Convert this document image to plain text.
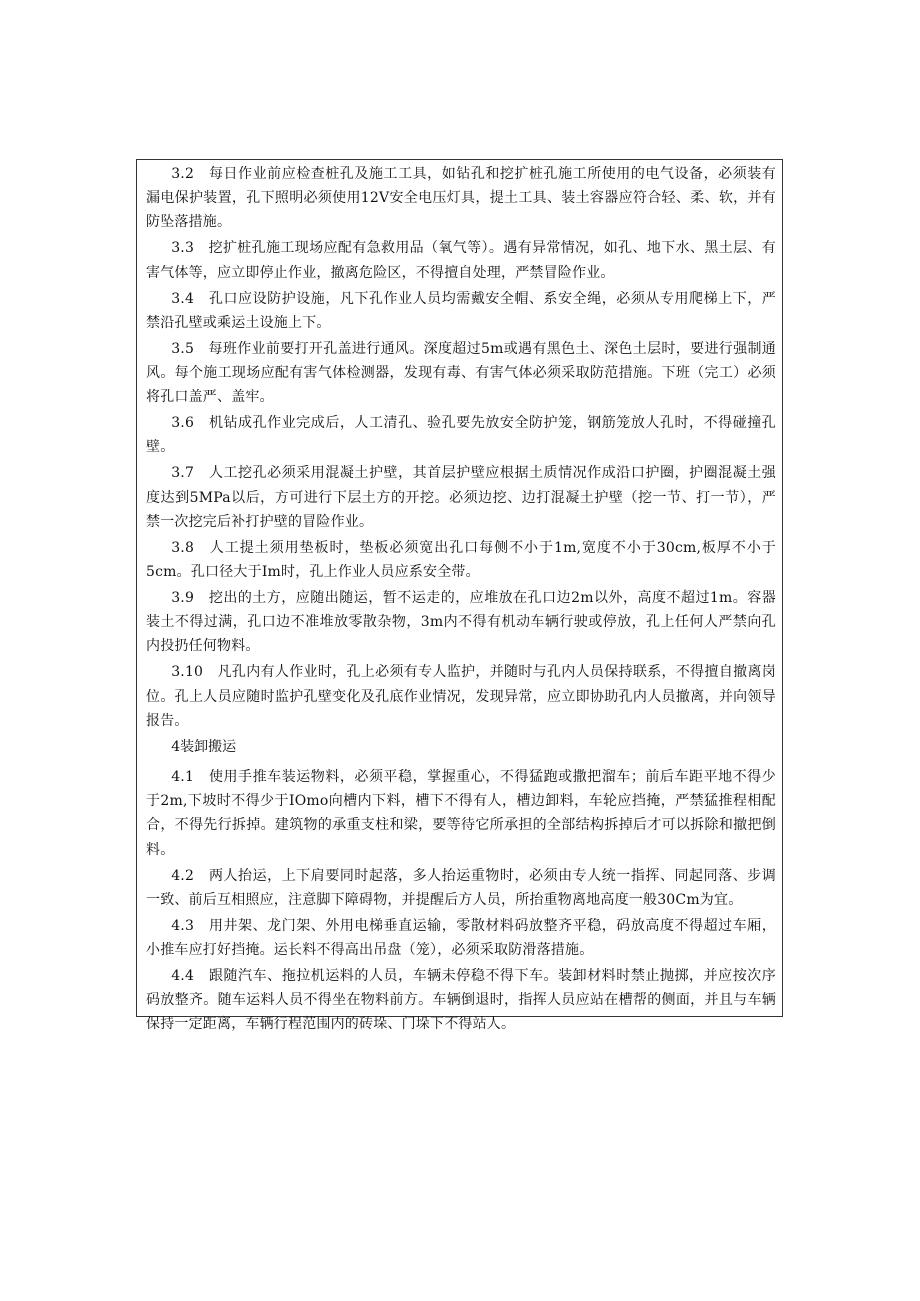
3.2　每日作业前应检查桩孔及施工工具，如钻孔和挖扩桩孔施工所使用的电气设备，必须装有漏电保护装置，孔下照明必须使用12V安全电压灯具，提土工具、装土容器应符合轻、柔、软，并有防坠落措施。

3.3　挖扩桩孔施工现场应配有急救用品（氧气等）。遇有异常情况，如孔、地下水、黑土层、有害气体等，应立即停止作业，撤离危险区，不得擅自处理，严禁冒险作业。

3.4　孔口应设防护设施，凡下孔作业人员均需戴安全帽、系安全绳，必须从专用爬梯上下，严禁沿孔壁或乘运土设施上下。

3.5　每班作业前要打开孔盖进行通风。深度超过5m或遇有黑色土、深色土层时，要进行强制通风。每个施工现场应配有害气体检测器，发现有毒、有害气体必须采取防范措施。下班（完工）必须将孔口盖严、盖牢。

3.6　机钻成孔作业完成后，人工清孔、验孔要先放安全防护笼，钢筋笼放人孔时，不得碰撞孔壁。

3.7　人工挖孔必须采用混凝土护壁，其首层护壁应根据土质情况作成沿口护圈，护圈混凝土强度达到5MPa以后，方可进行下层土方的开挖。必须边挖、边打混凝土护壁（挖一节、打一节），严禁一次挖完后补打护壁的冒险作业。

3.8　人工提土须用垫板时，垫板必须宽出孔口每侧不小于1m,宽度不小于30cm,板厚不小于5cm。孔口径大于Im时，孔上作业人员应系安全带。

3.9　挖出的土方，应随出随运，暂不运走的，应堆放在孔口边2m以外，高度不超过1m。容器装土不得过满，孔口边不准堆放零散杂物，3m内不得有机动车辆行驶或停放，孔上任何人严禁向孔内投扔任何物料。

3.10　凡孔内有人作业时，孔上必须有专人监护，并随时与孔内人员保持联系，不得擅自撤离岗位。孔上人员应随时监护孔壁变化及孔底作业情况，发现异常，应立即协助孔内人员撤离，并向领导报告。

4装卸搬运

4.1　使用手推车装运物料，必须平稳，掌握重心，不得猛跑或撒把溜车；前后车距平地不得少于2m,下坡时不得少于IOmo向槽内下料，槽下不得有人，槽边卸料，车轮应挡掩，严禁猛推程相配合，不得先行拆掉。建筑物的承重支柱和梁，要等待它所承担的全部结构拆掉后才可以拆除和撤把倒料。

4.2　两人抬运，上下肩要同时起落，多人抬运重物时，必须由专人统一指挥、同起同落、步调一致、前后互相照应，注意脚下障碍物，并提醒后方人员，所抬重物离地高度一般30Cm为宜。

4.3　用井架、龙门架、外用电梯垂直运输，零散材料码放整齐平稳，码放高度不得超过车厢，小推车应打好挡掩。运长料不得高出吊盘（笼），必须采取防滑落措施。

4.4　跟随汽车、拖拉机运料的人员，车辆未停稳不得下车。装卸材料时禁止抛掷，并应按次序码放整齐。随车运料人员不得坐在物料前方。车辆倒退时，指挥人员应站在槽帮的侧面，并且与车辆保持一定距离，车辆行程范围内的砖垛、门垛下不得站人。
